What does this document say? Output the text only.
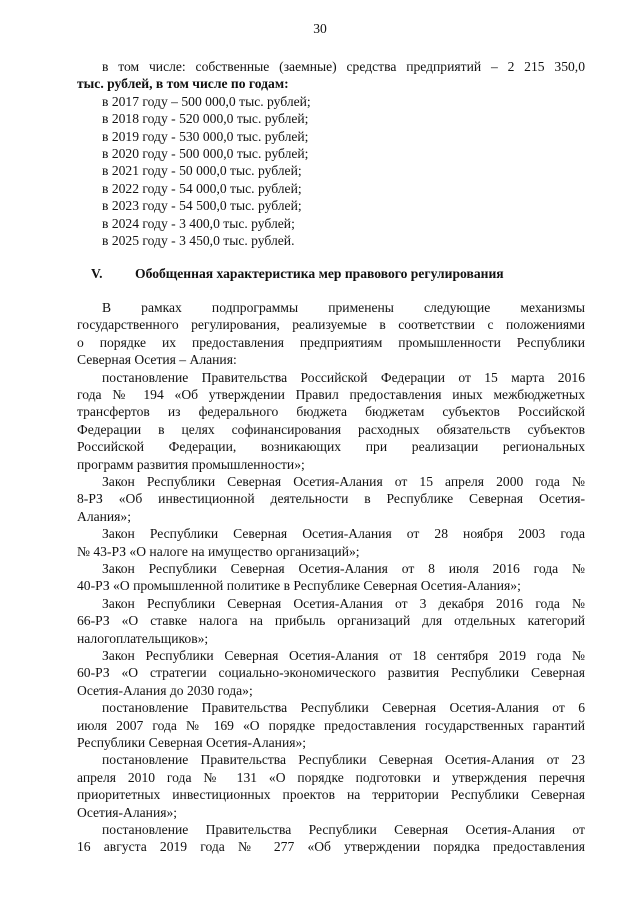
30
в том числе: собственные (заемные) средства предприятий – 2 215 350,0
тыс. рублей, в том числе по годам:
в 2017 году – 500 000,0 тыс. рублей;
в 2018 году - 520 000,0 тыс. рублей;
в 2019 году - 530 000,0 тыс. рублей;
в 2020 году - 500 000,0 тыс. рублей;
в 2021 году - 50 000,0 тыс. рублей;
в 2022 году - 54 000,0 тыс. рублей;
в 2023 году - 54 500,0 тыс. рублей;
в 2024 году - 3 400,0 тыс. рублей;
в 2025 году - 3 450,0 тыс. рублей.
V. Обобщенная характеристика мер правового регулирования
В рамках подпрограммы применены следующие механизмы
государственного регулирования, реализуемые в соответствии с положениями
о порядке их предоставления предприятиям промышленности Республики
Северная Осетия – Алания:
постановление Правительства Российской Федерации от 15 марта 2016
года № 194 «Об утверждении Правил предоставления иных межбюджетных
трансфертов из федерального бюджета бюджетам субъектов Российской
Федерации в целях софинансирования расходных обязательств субъектов
Российской Федерации, возникающих при реализации региональных
программ развития промышленности»;
Закон Республики Северная Осетия-Алания от 15 апреля 2000 года №
8-РЗ «Об инвестиционной деятельности в Республике Северная Осетия-
Алания»;
Закон Республики Северная Осетия-Алания от 28 ноября 2003 года
№ 43-РЗ «О налоге на имущество организаций»;
Закон Республики Северная Осетия-Алания от 8 июля 2016 года №
40-РЗ «О промышленной политике в Республике Северная Осетия-Алания»;
Закон Республики Северная Осетия-Алания от 3 декабря 2016 года №
66-РЗ «О ставке налога на прибыль организаций для отдельных категорий
налогоплательщиков»;
Закон Республики Северная Осетия-Алания от 18 сентября 2019 года №
60-РЗ «О стратегии социально-экономического развития Республики Северная
Осетия-Алания до 2030 года»;
постановление Правительства Республики Северная Осетия-Алания от 6
июля 2007 года № 169 «О порядке предоставления государственных гарантий
Республики Северная Осетия-Алания»;
постановление Правительства Республики Северная Осетия-Алания от 23
апреля 2010 года № 131 «О порядке подготовки и утверждения перечня
приоритетных инвестиционных проектов на территории Республики Северная
Осетия-Алания»;
постановление Правительства Республики Северная Осетия-Алания от
16 августа 2019 года № 277 «Об утверждении порядка предоставления
